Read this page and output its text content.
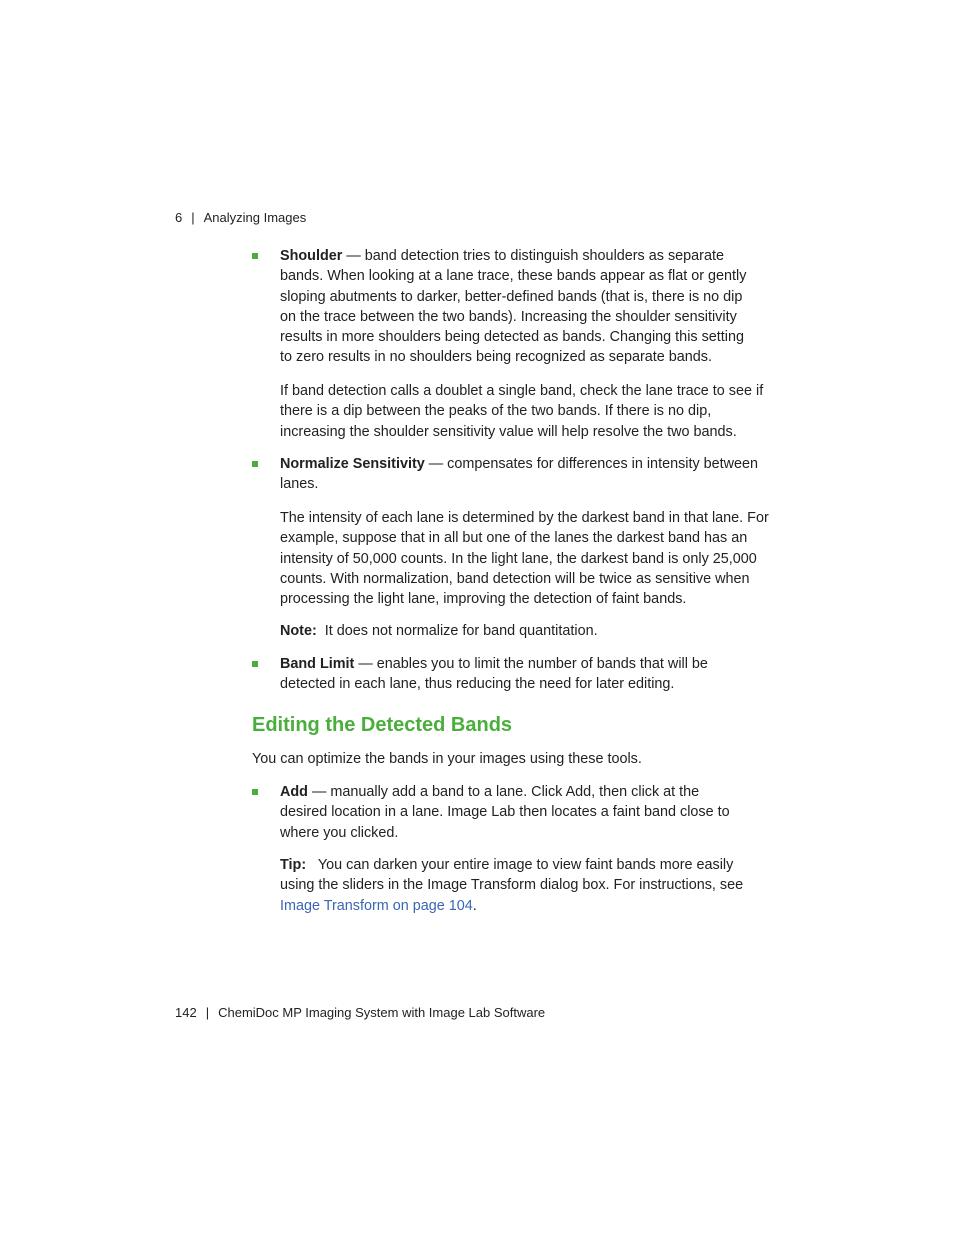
6 | Analyzing Images
Shoulder — band detection tries to distinguish shoulders as separate bands. When looking at a lane trace, these bands appear as flat or gently sloping abutments to darker, better-defined bands (that is, there is no dip on the trace between the two bands). Increasing the shoulder sensitivity results in more shoulders being detected as bands. Changing this setting to zero results in no shoulders being recognized as separate bands.
If band detection calls a doublet a single band, check the lane trace to see if there is a dip between the peaks of the two bands. If there is no dip, increasing the shoulder sensitivity value will help resolve the two bands.
Normalize Sensitivity — compensates for differences in intensity between lanes.
The intensity of each lane is determined by the darkest band in that lane. For example, suppose that in all but one of the lanes the darkest band has an intensity of 50,000 counts. In the light lane, the darkest band is only 25,000 counts. With normalization, band detection will be twice as sensitive when processing the light lane, improving the detection of faint bands.
Note: It does not normalize for band quantitation.
Band Limit — enables you to limit the number of bands that will be detected in each lane, thus reducing the need for later editing.
Editing the Detected Bands
You can optimize the bands in your images using these tools.
Add — manually add a band to a lane. Click Add, then click at the desired location in a lane. Image Lab then locates a faint band close to where you clicked.
Tip: You can darken your entire image to view faint bands more easily using the sliders in the Image Transform dialog box. For instructions, see Image Transform on page 104.
142 | ChemiDoc MP Imaging System with Image Lab Software
